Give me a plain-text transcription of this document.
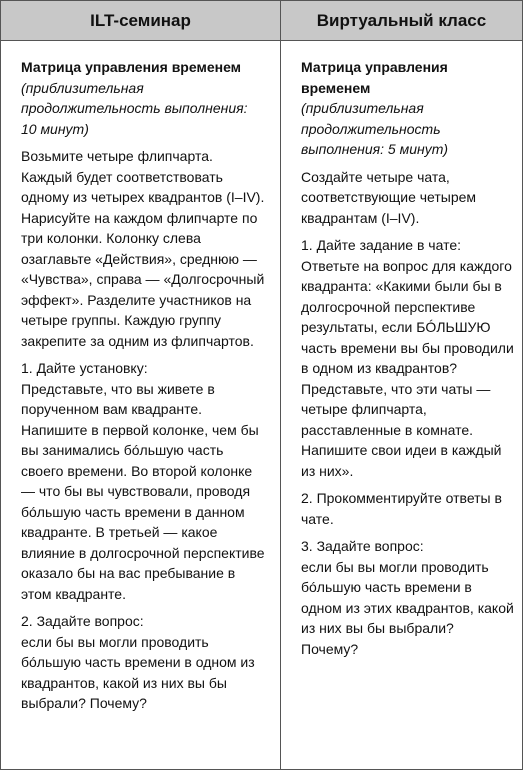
ILT-семинар	Виртуальный класс

Матрица управления временем

(приблизительная продолжительность выполнения: 10 минут)

Возьмите четыре флипчарта. Каждый будет соответствовать одному из четырех квадрантов (I–IV). Нарисуйте на каждом флипчарте по три колонки. Колонку слева озаглавьте «Действия», среднюю — «Чувства», справа — «Долгосрочный эффект». Разделите участников на четыре группы. Каждую группу закрепите за одним из флипчартов.

1. Дайте установку:
Представьте, что вы живете в порученном вам квадранте. Напишите в первой колонке, чем бы вы занимались бóльшую часть своего времени. Во второй колонке — что бы вы чувствовали, проводя бóльшую часть времени в данном квадранте. В третьей — какое влияние в долгосрочной перспективе оказало бы на вас пребывание в этом квадранте.

2. Задайте вопрос:
если бы вы могли проводить бóльшую часть времени в одном из квадрантов, какой из них вы бы выбрали? Почему?

Матрица управления временем

(приблизительная продолжительность выполнения: 5 минут)

Создайте четыре чата, соответствующие четырем квадрантам (I–IV).

1. Дайте задание в чате:
Ответьте на вопрос для каждого квадранта: «Какими были бы в долгосрочной перспективе результаты, если БÓЛЬШУЮ часть времени вы бы проводили в одном из квадрантов? Представьте, что эти чаты — четыре флипчарта, расставленные в комнате. Напишите свои идеи в каждый из них».

2. Прокомментируйте ответы в чате.

3. Задайте вопрос:
если бы вы могли проводить бóльшую часть времени в одном из этих квадрантов, какой из них вы бы выбрали? Почему?
